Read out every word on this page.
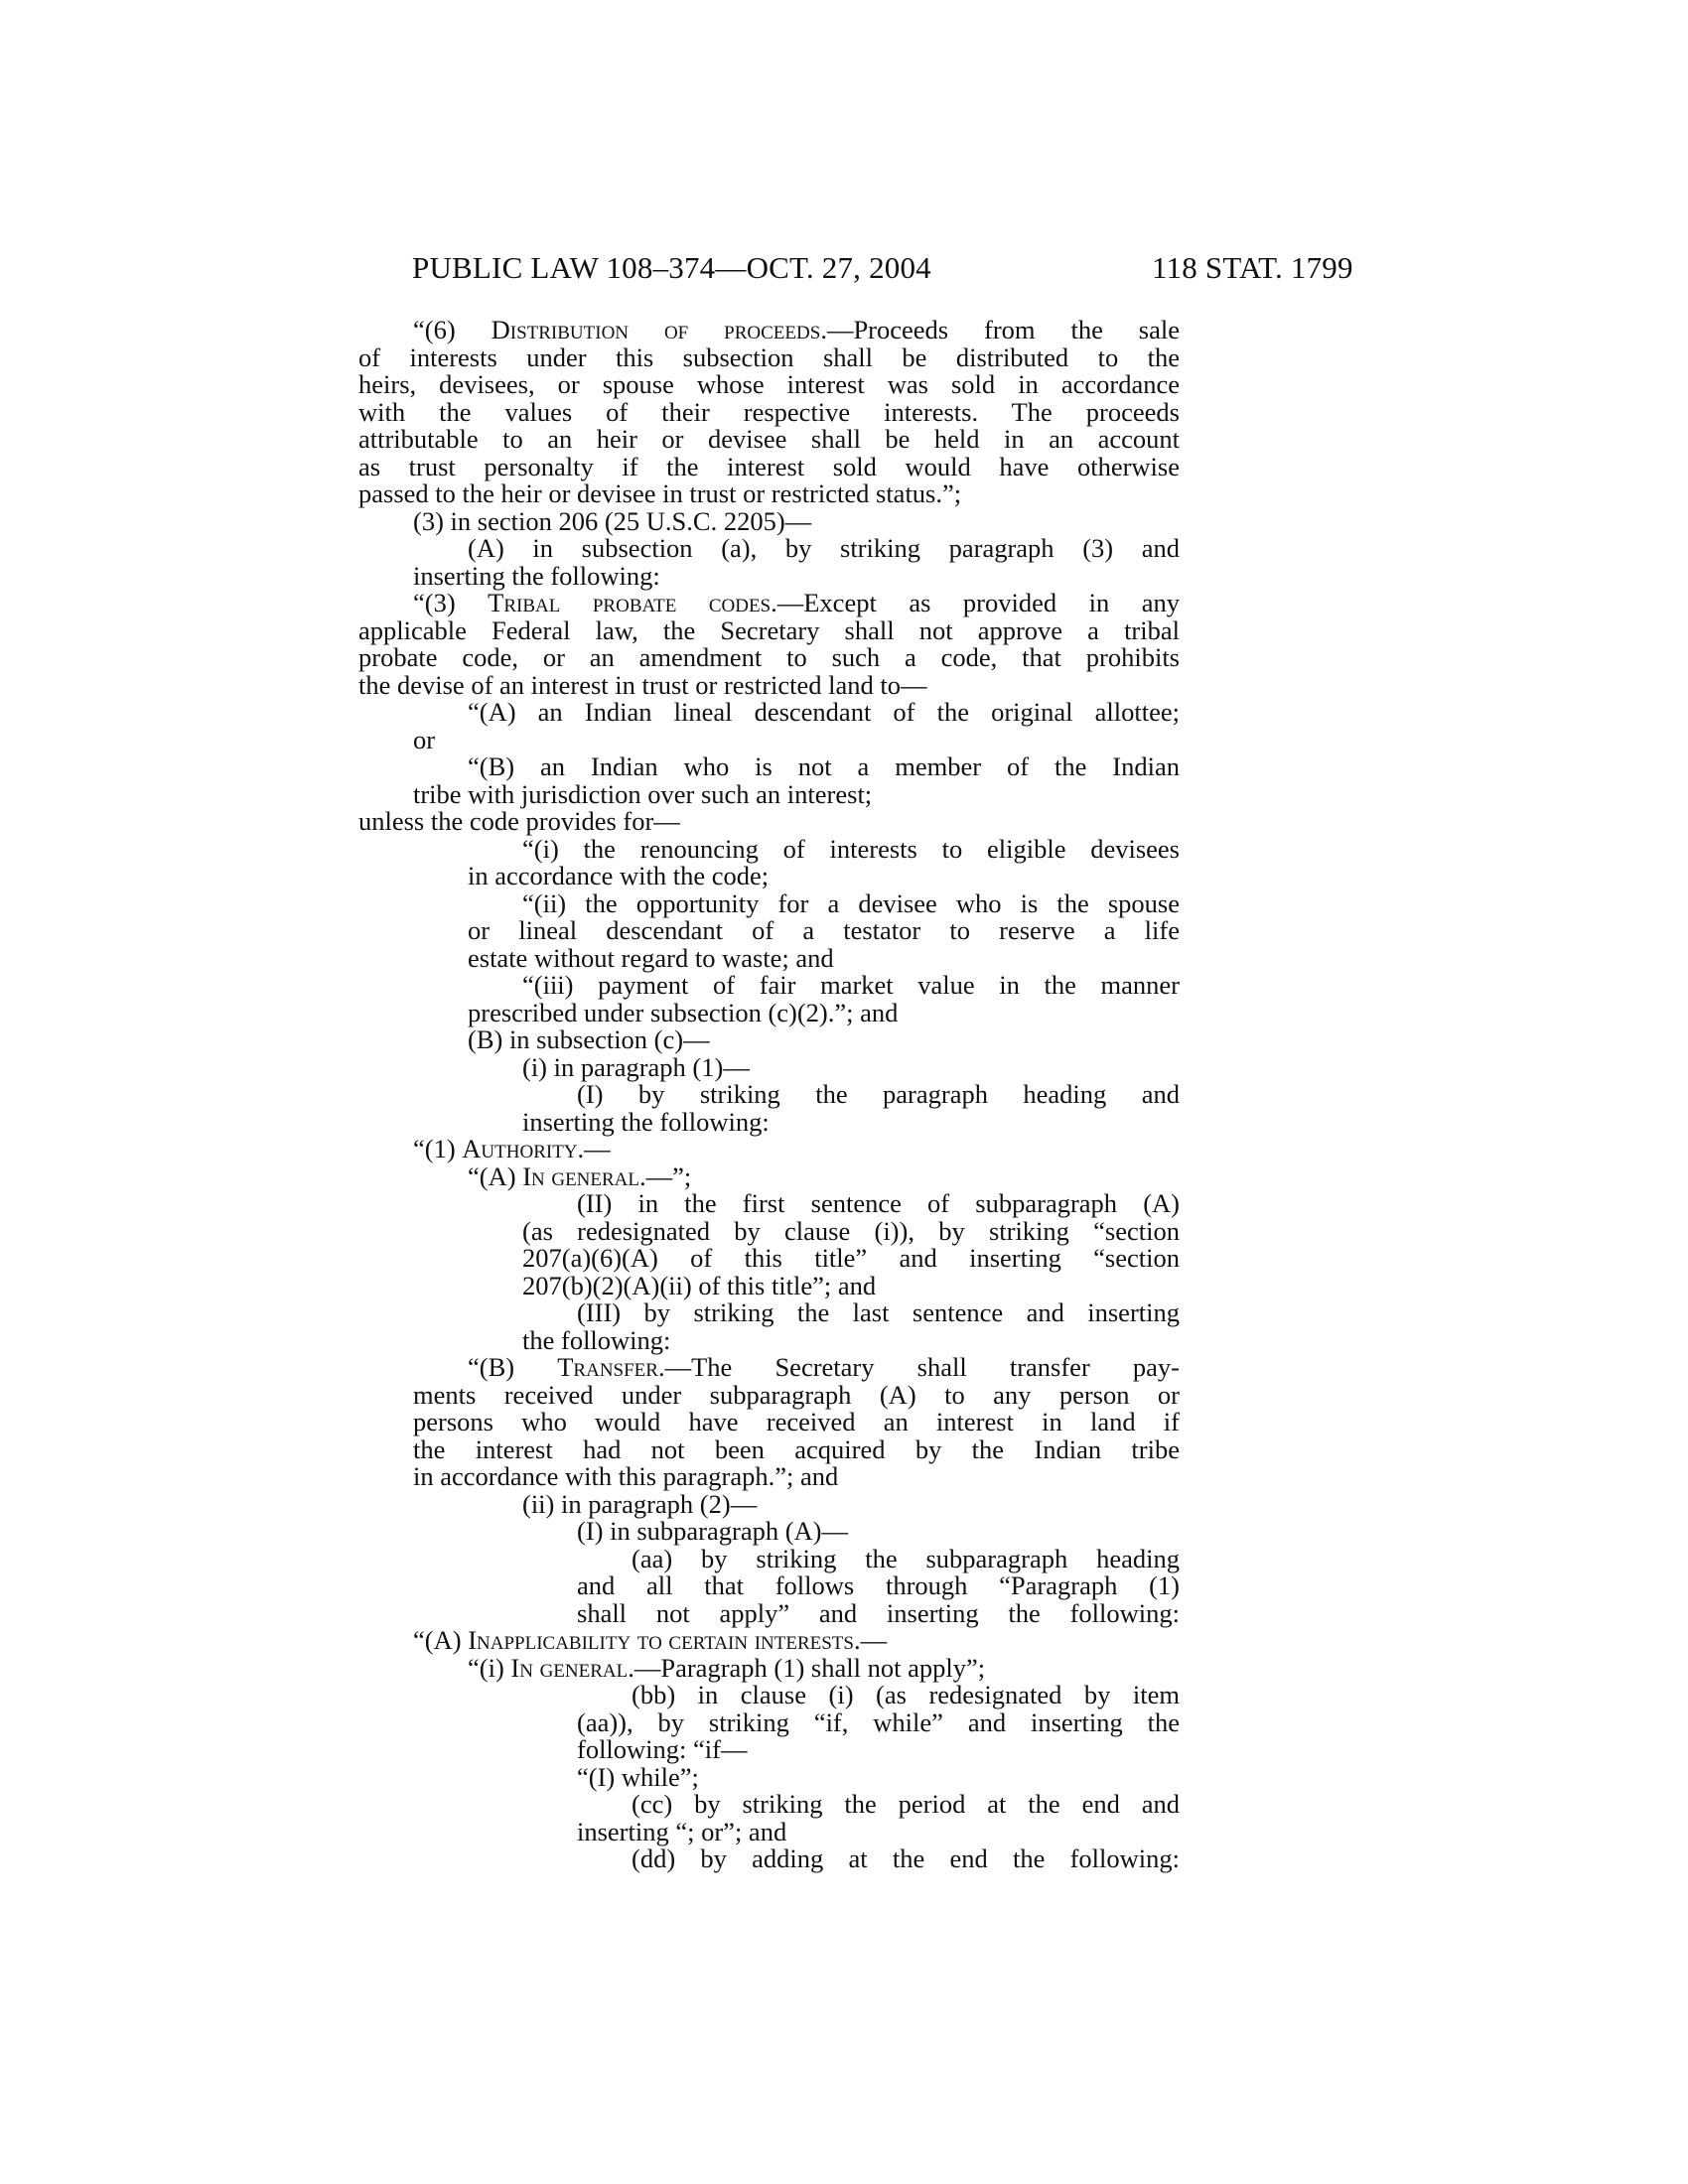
PUBLIC LAW 108–374—OCT. 27, 2004	118 STAT. 1799
“(6) Distribution of proceeds.—Proceeds from the sale
of interests under this subsection shall be distributed to the
heirs, devisees, or spouse whose interest was sold in accordance
with the values of their respective interests. The proceeds
attributable to an heir or devisee shall be held in an account
as trust personalty if the interest sold would have otherwise
passed to the heir or devisee in trust or restricted status.”;
(3) in section 206 (25 U.S.C. 2205)—
(A) in subsection (a), by striking paragraph (3) and
inserting the following:
“(3) Tribal probate codes.—Except as provided in any
applicable Federal law, the Secretary shall not approve a tribal
probate code, or an amendment to such a code, that prohibits
the devise of an interest in trust or restricted land to—
“(A) an Indian lineal descendant of the original allottee;
or
“(B) an Indian who is not a member of the Indian
tribe with jurisdiction over such an interest;
unless the code provides for—
“(i) the renouncing of interests to eligible devisees
in accordance with the code;
“(ii) the opportunity for a devisee who is the spouse
or lineal descendant of a testator to reserve a life
estate without regard to waste; and
“(iii) payment of fair market value in the manner
prescribed under subsection (c)(2).”; and
(B) in subsection (c)—
(i) in paragraph (1)—
(I) by striking the paragraph heading and
inserting the following:
“(1) Authority.—
“(A) In general.—”;
(II) in the first sentence of subparagraph (A)
(as redesignated by clause (i)), by striking “section
207(a)(6)(A) of this title” and inserting “section
207(b)(2)(A)(ii) of this title”; and
(III) by striking the last sentence and inserting
the following:
“(B) Transfer.—The Secretary shall transfer pay-
ments received under subparagraph (A) to any person or
persons who would have received an interest in land if
the interest had not been acquired by the Indian tribe
in accordance with this paragraph.”; and
(ii) in paragraph (2)—
(I) in subparagraph (A)—
(aa) by striking the subparagraph heading
and all that follows through “Paragraph (1)
shall not apply” and inserting the following:
“(A) Inapplicability to certain interests.—
“(i) In general.—Paragraph (1) shall not apply”;
(bb) in clause (i) (as redesignated by item
(aa)), by striking “if, while” and inserting the
following: “if—
“(I) while”;
(cc) by striking the period at the end and
inserting “; or”; and
(dd) by adding at the end the following:
